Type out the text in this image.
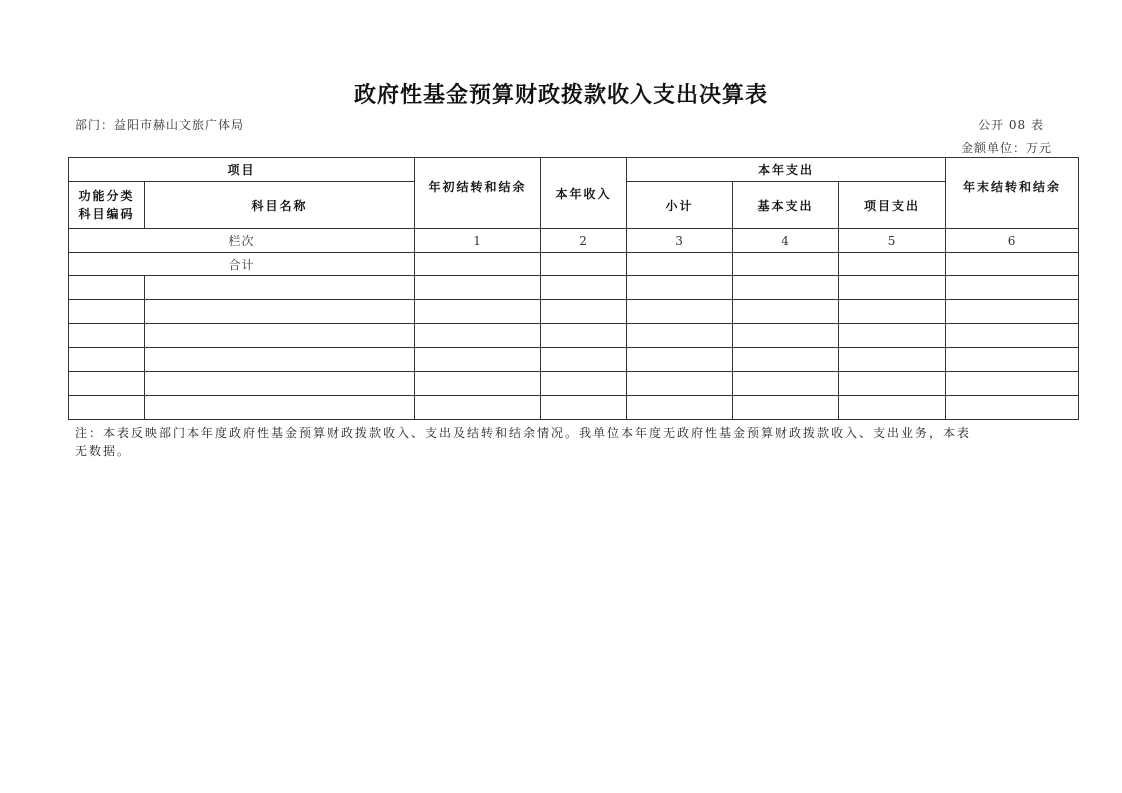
政府性基金预算财政拨款收入支出决算表
部门：益阳市赫山文旅广体局	公开 08 表
金额单位：万元
项目		年初结转和结余	本年收入	本年支出			年末结转和结余

功能分类
科目编码	科目名称			小计	基本支出	项目支出	
栏次		1	2	3	4	5	6
合计							

注：本表反映部门本年度政府性基金预算财政拨款收入、支出及结转和结余情况。我单位本年度无政府性基金预算财政拨款收入、支出业务，本表
无数据。
